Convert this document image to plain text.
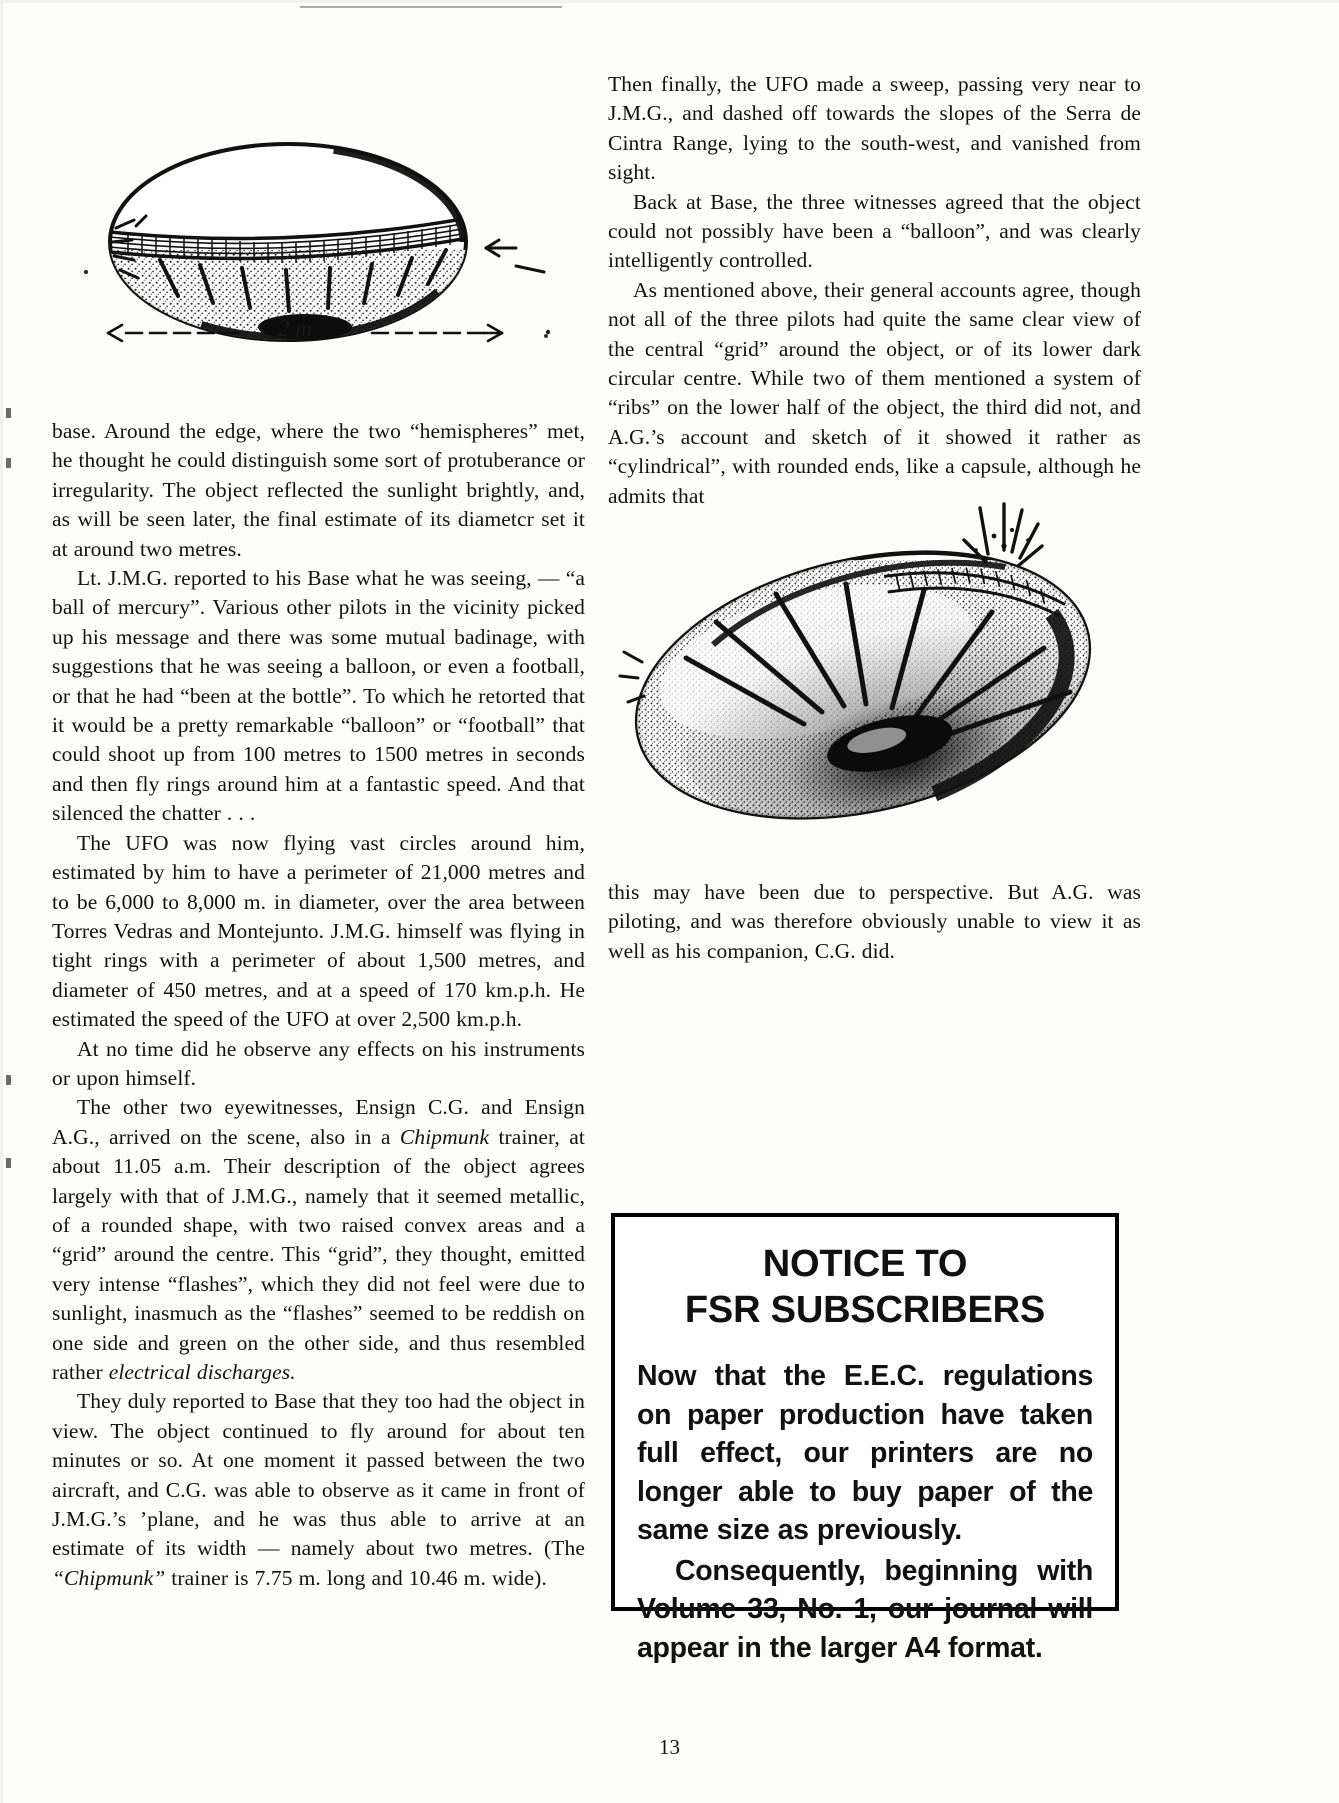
2 m

Then finally, the UFO made a sweep, passing very near to J.M.G., and dashed off towards the slopes of the Serra de Cintra Range, lying to the south-west, and vanished from sight.

Back at Base, the three witnesses agreed that the object could not possibly have been a “balloon”, and was clearly intelligently controlled.

As mentioned above, their general accounts agree, though not all of the three pilots had quite the same clear view of the central “grid” around the object, or of its lower dark circular centre. While two of them mentioned a system of “ribs” on the lower half of the object, the third did not, and A.G.’s account and sketch of it showed it rather as “cylindrical”, with rounded ends, like a capsule, although he admits that

this may have been due to perspective. But A.G. was piloting, and was therefore obviously unable to view it as well as his companion, C.G. did.

base. Around the edge, where the two “hemispheres” met, he thought he could distinguish some sort of protuberance or irregularity. The object reflected the sunlight brightly, and, as will be seen later, the final estimate of its diametcr set it at around two metres.

Lt. J.M.G. reported to his Base what he was seeing, — “a ball of mercury”. Various other pilots in the vicinity picked up his message and there was some mutual badinage, with suggestions that he was seeing a balloon, or even a football, or that he had “been at the bottle”. To which he retorted that it would be a pretty remarkable “balloon” or “football” that could shoot up from 100 metres to 1500 metres in seconds and then fly rings around him at a fantastic speed. And that silenced the chatter . . .

The UFO was now flying vast circles around him, estimated by him to have a perimeter of 21,000 metres and to be 6,000 to 8,000 m. in diameter, over the area between Torres Vedras and Montejunto. J.M.G. himself was flying in tight rings with a perimeter of about 1,500 metres, and diameter of 450 metres, and at a speed of 170 km.p.h. He estimated the speed of the UFO at over 2,500 km.p.h.

At no time did he observe any effects on his instruments or upon himself.

The other two eyewitnesses, Ensign C.G. and Ensign A.G., arrived on the scene, also in a Chipmunk trainer, at about 11.05 a.m. Their description of the object agrees largely with that of J.M.G., namely that it seemed metallic, of a rounded shape, with two raised convex areas and a “grid” around the centre. This “grid”, they thought, emitted very intense “flashes”, which they did not feel were due to sunlight, inasmuch as the “flashes” seemed to be reddish on one side and green on the other side, and thus resembled rather electrical discharges.

They duly reported to Base that they too had the object in view. The object continued to fly around for about ten minutes or so. At one moment it passed between the two aircraft, and C.G. was able to observe as it came in front of J.M.G.’s ’plane, and he was thus able to arrive at an estimate of its width — namely about two metres. (The “Chipmunk” trainer is 7.75 m. long and 10.46 m. wide).

NOTICE TO
FSR SUBSCRIBERS

Now that the E.E.C. regulations on paper production have taken full effect, our printers are no longer able to buy paper of the same size as previously.

Consequently, beginning with Volume 33, No. 1, our journal will appear in the larger A4 format.

13
